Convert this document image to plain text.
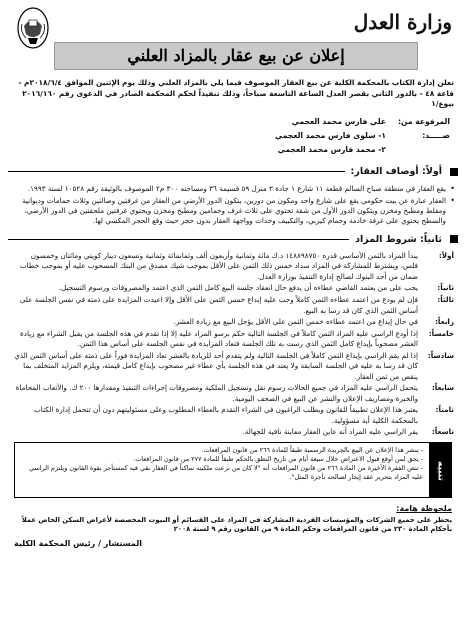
وزارة العدل
إعلان عن بيع عقار بالمزاد العلني
تعلن إدارة الكتاب بالمحكمة الكلية عن بيع العقار الموصوف فيما يلي بالمزاد العلني وذلك يوم الإثنين الموافق ٢٠١٨/٦/٤م - قاعة ٤٨ - بالدور الثاني بقصر العدل الساعة التاسعة صباحاً، وذلك تنفيذاً لحكم المحكمة الصادر في الدعوى رقم ٢٠١٦/١٦٠ بيوع/١
المرفوعة من:
علي فارس محمد العجمي
ضـــــد:
١- سلوى فارس محمد العجمي
٢- محمد فارس محمد العجمي
أولاً: أوصاف العقار:
• يقع العقار في منطقة صباح السالم قطعة ١١ شارع ١ جادة ٣ منزل ٥٩ قسيمة ٣٦ ومساحته ٣٠٠ م٢ الموصوف بالوثيقة رقم ١٠٥٢٨ لسنة ١٩٩٣.
• العقار عبارة عن بيت حكومي يقع على شارع واحد ومكون من دورين، يتكون الدور الأرضي من العقار من غرفتين وصالتين وثلاث حمامات وديوانية ومقلط ومطبخ ومخزن ويتكون الدور الأول من شقة تحتوي على ثلاث غرف وحمامين ومطبخ ومخزن ويحتوي غرفتين ملحقتين في الدور الأرضي، والسطح يحتوي على غرفة خادمة وحمام كيربي، والتكييف وحدات وواجهة العقار بدون حجر حيث وقع الحجر المكسي لها.
ثانياً: شروط المزاد
أولاً:
يبدأ المزاد بالثمن الأساسي قدره ١٤٨٨٩٨٧٥٠ د.ك مائة وثمانية وأربعون ألف وثمانمائة وثمانية وتسعون دينار كويتي وماثتان وخمسون فلس، ويشترط للمشاركة في المزاد سداد خمس ذلك الثمن على الأقل بموجب شيك مصدق من البنك المسحوب عليه أو بموجب خطاب ضمان من أحد البنوك لصالح إدارة التنفيذ بوزارة العدل.
ثانياً:
يجب على من يعتمد القاضي عطاءه أن يدفع حال انعقاد جلسة البيع كامل الثمن الذي اعتمد والمصروفات ورسوم التسجيل.
ثالثاً:
فإن لم يودع من اعتمد عطاءه الثمن كاملاً وجب عليه إيداع خمس الثمن على الأقل وإلا اعيدت المزايدة على ذمته في نفس الجلسة على أساس الثمن الذي كان قد رسا به البيع.
رابعاً:
في حال إيداع من اعتمد عطاءه خمس الثمن على الأقل يؤجل البيع مع زيادة العشر.
خامساً:
إذا أودع الراسي عليه المزاد الثمن كاملاً في الجلسة التالية حكم برسو المزاد عليه إلا إذا تقدم في هذه الجلسة من يقبل الشراء مع زيادة العشر مصحوباً بإيداع كامل الثمن الذي رست به تلك الجلسة فتعاد المزايدة في نفس الجلسة على أساس هذا الثمن.
سادساً:
إذا لم يقم الراسي بإيداع الثمن كاملاً في الجلسة التالية ولم يتقدم أحد للزيادة بالعشر تعاد المزايدة فوراً على ذمته على أساس الثمن الذي كان قد رسا به عليه في الجلسة السابقة ولا يعتد في هذه الجلسة بأي عطاء غير مصحوب بإيداع كامل قيمته، ويلزم المزايد المتخلف بما ينقص من ثمن العقار.
سابعاً:
يتحمل الراسي عليه المزاد في جميع الحالات رسوم نقل وتسجيل الملكية ومصروفات إجراءات التنفيذ ومقدارها ٢٠٠ ك. والأتعاب المحاماة والخبرة ومصاريف الإعلان والنشر عن البيع في الصحف اليومية.
ثامناً:
يعتبر هذا الإعلان تطبيقاً للقانون ويطلب الراغبون في الشراء التقدم بالعطاء المطلوب وعلى مسئوليتهم دون أن تتحمل إدارة الكتاب بالمحكمة الكلية أية مسؤولية.
تاسعاً:
يقر الراسي عليه المزاد أنه عاين العقار معاينة نافية للجهالة.
تنبيه
- ينشر هذا الإعلان عن البيع بالجريدة الرسمية طبقاً للمادة ٢٦٦ من قانون المرافعات.
- يحق لمن أوقع قبول الاعتراض خلال سبعة أيام من تاريخ النطق بالحكم طبقاً للمادة ٢٧٧ من قانون المرافعات.
- تنص الفقرة الأخيرة من المادة ٢٦٦ من قانون المرافعات أنه "لا كان من نزعت ملكيته ساكناً في العقار بقي فيه كمستأجر بقوة القانون ويلتزم الراسي عليه المزاد بتحرير عقد إيجار لصالحه بأجرة المثل".
ملحوظة هامة:
يحظر على جميع الشركات والمؤسسات الفردية المشاركة في المزاد على القسائم أو البيوت المخصصة لأغراض السكن الخاص عملاً بأحكام المادة ٢٣٠ من قانون المرافعات وحكم المادة ٩ من القانون رقم ٩ لسنة ٢٠٠٨
المستشار / رئيس المحكمة الكلية
